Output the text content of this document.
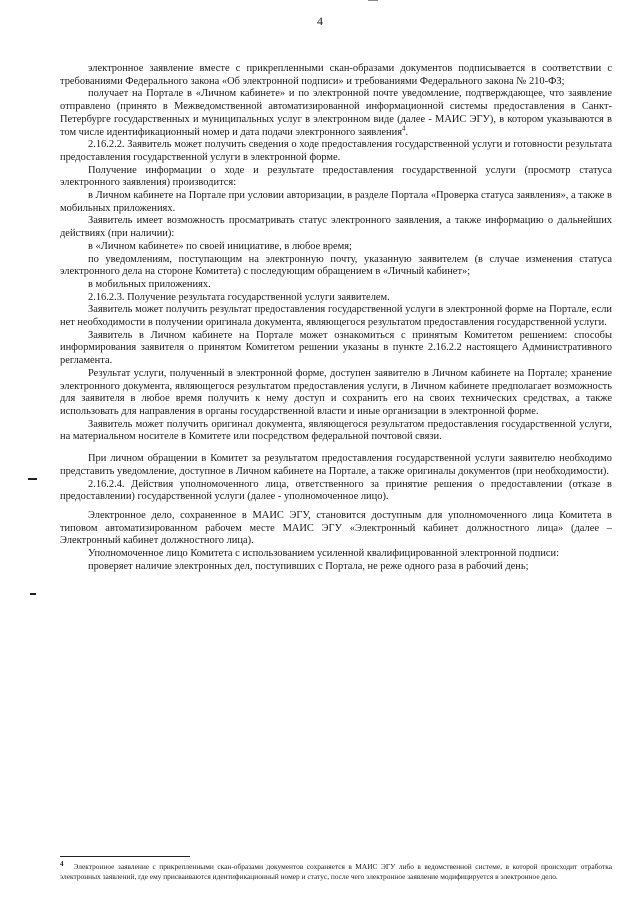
4

электронное заявление вместе с прикрепленными скан-образами документов подписывается в соответствии с требованиями Федерального закона «Об электронной подписи» и требованиями Федерального закона № 210-ФЗ;

получает на Портале в «Личном кабинете» и по электронной почте уведомление, подтверждающее, что заявление отправлено (принято в Межведомственной автоматизированной информационной системы предоставления в Санкт-Петербурге государственных и муниципальных услуг в электронном виде (далее - МАИС ЭГУ), в котором указываются в том числе идентификационный номер и дата подачи электронного заявления$^4$.

2.16.2.2. Заявитель может получить сведения о ходе предоставления государственной услуги и готовности результата предоставления государственной услуги в электронной форме.

Получение информации о ходе и результате предоставления государственной услуги (просмотр статуса электронного заявления) производится:

в Личном кабинете на Портале при условии авторизации, в разделе Портала «Проверка статуса заявления», а также в мобильных приложениях.

Заявитель имеет возможность просматривать статус электронного заявления, а также информацию о дальнейших действиях (при наличии):

в «Личном кабинете» по своей инициативе, в любое время;

по уведомлениям, поступающим на электронную почту, указанную заявителем (в случае изменения статуса электронного дела на стороне Комитета) с последующим обращением в «Личный кабинет»;

в мобильных приложениях.

2.16.2.3. Получение результата государственной услуги заявителем.

Заявитель может получить результат предоставления государственной услуги в электронной форме на Портале, если нет необходимости в получении оригинала документа, являющегося результатом предоставления государственной услуги.

Заявитель в Личном кабинете на Портале может ознакомиться с принятым Комитетом решением: способы информирования заявителя о принятом Комитетом решении указаны в пункте 2.16.2.2 настоящего Административного регламента.

Результат услуги, полученный в электронной форме, доступен заявителю в Личном кабинете на Портале; хранение электронного документа, являющегося результатом предоставления услуги, в Личном кабинете предполагает возможность для заявителя в любое время получить к нему доступ и сохранить его на своих технических средствах, а также использовать для направления в органы государственной власти и иные организации в электронной форме.

Заявитель может получить оригинал документа, являющегося результатом предоставления государственной услуги, на материальном носителе в Комитете или посредством федеральной почтовой связи.

При личном обращении в Комитет за результатом предоставления государственной услуги заявителю необходимо представить уведомление, доступное в Личном кабинете на Портале, а также оригиналы документов (при необходимости).

2.16.2.4. Действия уполномоченного лица, ответственного за принятие решения о предоставлении (отказе в предоставлении) государственной услуги (далее - уполномоченное лицо).

Электронное дело, сохраненное в МАИС ЭГУ, становится доступным для уполномоченного лица Комитета в типовом автоматизированном рабочем месте МАИС ЭГУ «Электронный кабинет должностного лица» (далее – Электронный кабинет должностного лица).

Уполномоченное лицо Комитета с использованием усиленной квалифицированной электронной подписи:

проверяет наличие электронных дел, поступивших с Портала, не реже одного раза в рабочий день;

4 Электронное заявление с прикрепленными скан-образами документов сохраняется в МАИС ЭГУ либо в ведомственной системе, в которой происходит отработка электронных заявлений, где ему присваиваются идентификационный номер и статус, после чего электронное заявление модифицируется в электронное дело.
